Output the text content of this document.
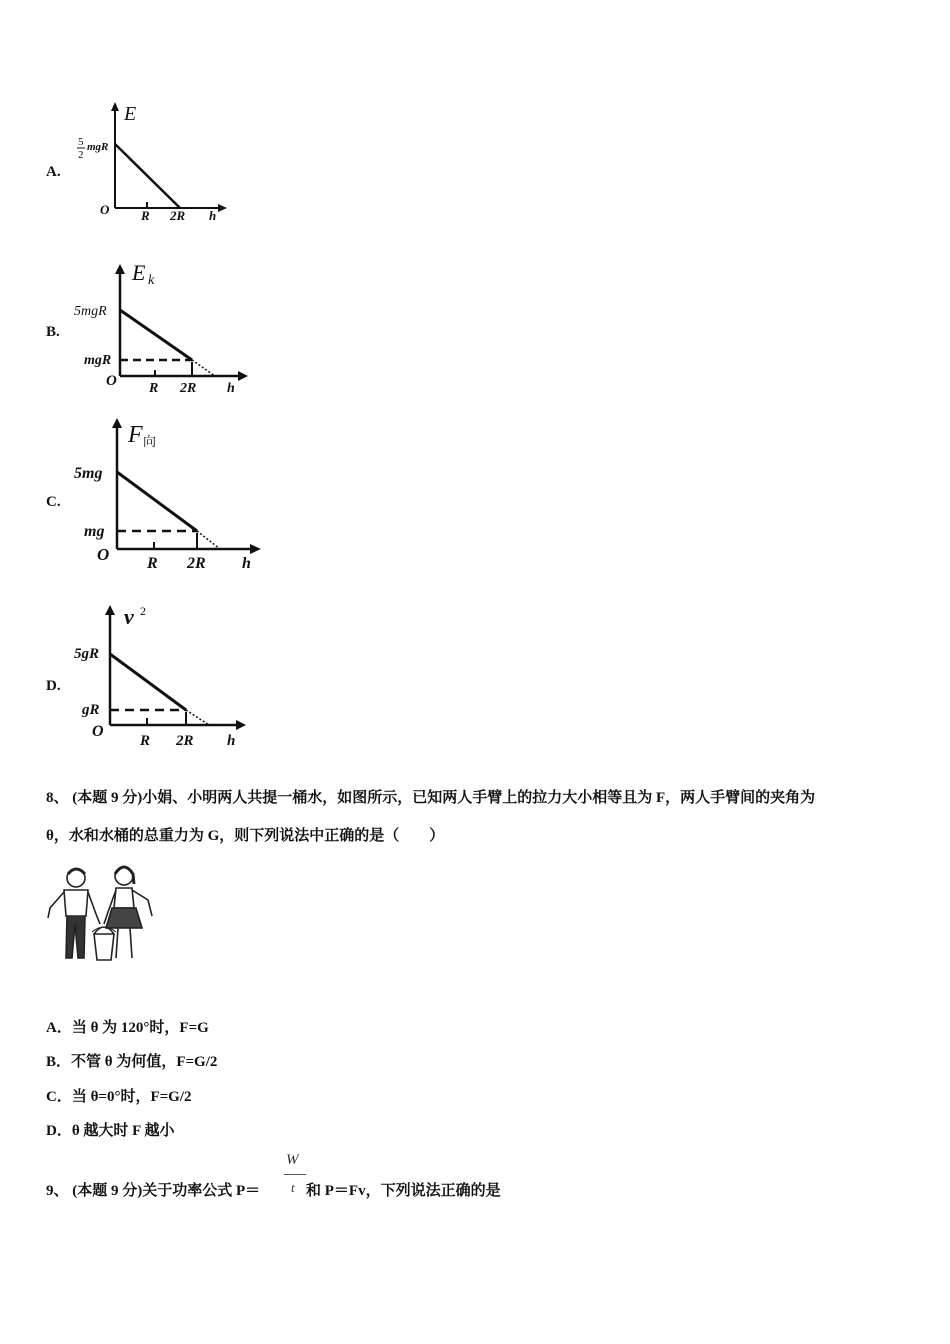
A.
E
5
2
mgR
O R 2R h
B.
E k
5mgR
mgR
O R 2R h
C.
F 向
5mg
mg
O R 2R h
D.
v 2
5gR
gR
O
R 2R h
8、 (本题 9 分)小娟、小明两人共提一桶水，如图所示，已知两人手臂上的拉力大小相等且为 F，两人手臂间的夹角为
θ，水和水桶的总重力为 G，则下列说法中正确的是（　　）
A．当 θ 为 120°时，F=G
B．不管 θ 为何值，F=G/2
C．当 θ=0°时，F=G/2
D．θ 越大时 F 越小
9、 (本题 9 分)关于功率公式 P＝
W
t 和 P＝Fv，下列说法正确的是
